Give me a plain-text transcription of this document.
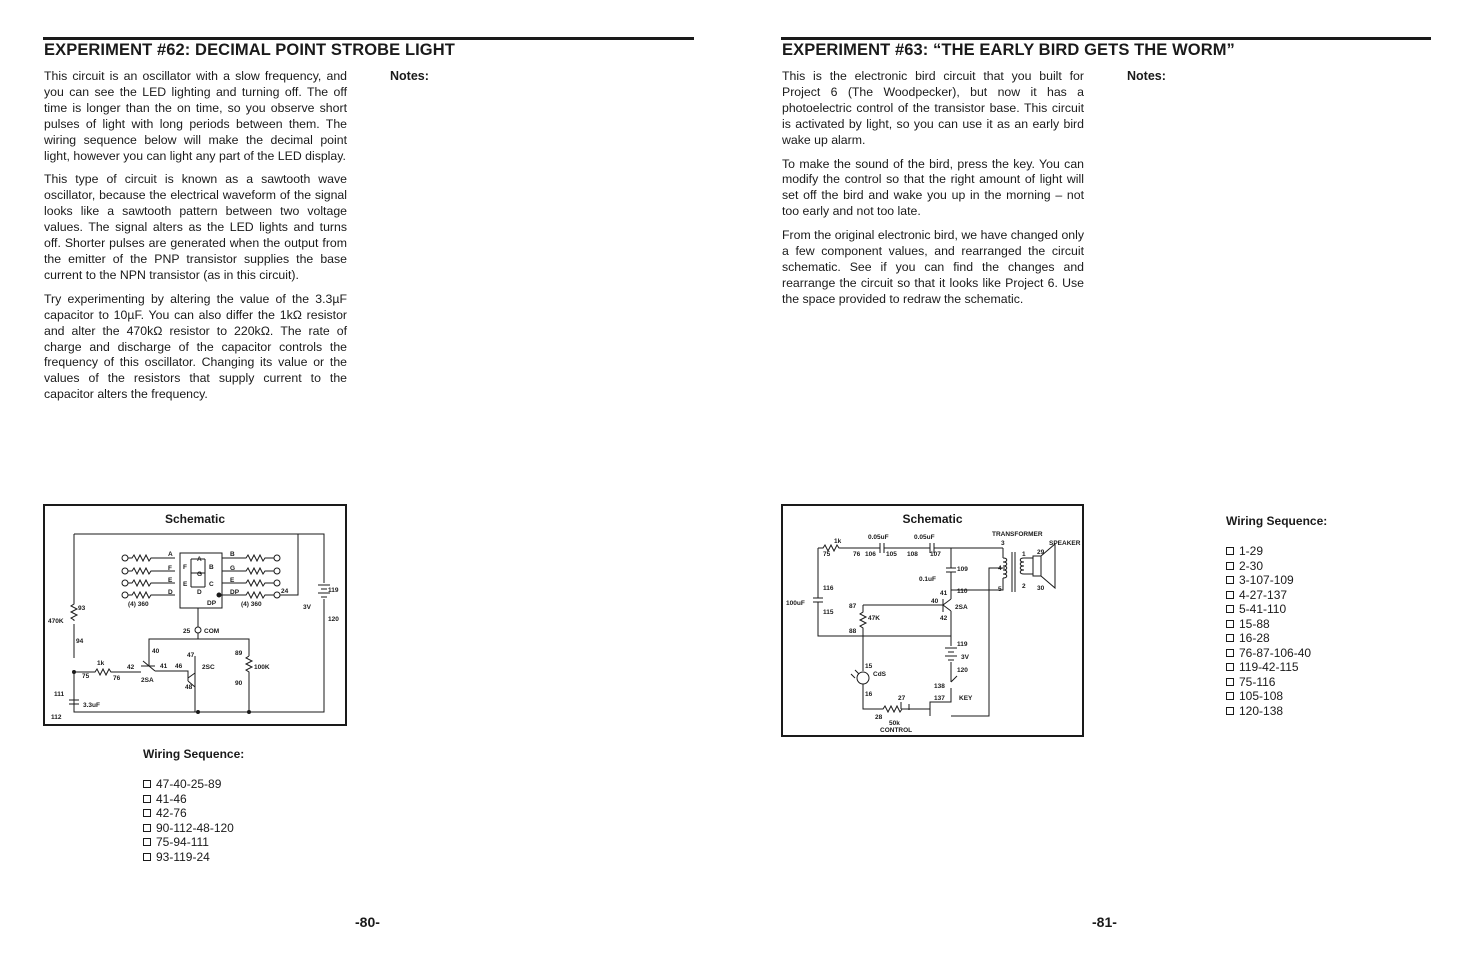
EXPERIMENT #62: DECIMAL POINT STROBE LIGHT

This circuit is an oscillator with a slow frequency, and you can see the LED lighting and turning off. The off time is longer than the on time, so you observe short pulses of light with long periods between them. The wiring sequence below will make the decimal point light, however you can light any part of the LED display.

This type of circuit is known as a sawtooth wave oscillator, because the electrical waveform of the signal looks like a sawtooth pattern between two voltage values. The signal alters as the LED lights and turns off. Shorter pulses are generated when the output from the emitter of the PNP transistor supplies the base current to the NPN transistor (as in this circuit).

Try experimenting by altering the value of the 3.3µF capacitor to 10µF. You can also differ the 1kΩ resistor and alter the 470kΩ resistor to 220kΩ. The rate of charge and discharge of the capacitor controls the frequency of this oscillator. Changing its value or the values of the resistors that supply current to the capacitor alters the frequency.

Notes:
Schematic
A
F
E
D
B
G
E
DP
A
F	B
G
E	C
D
DP
(4) 360	(4) 360
24	119
3V
120
93
470K
94
25 COM
40
47	89
41 46	2SC	100K
42
1k
75	76	2SA
48
90
111
3.3uF
112
Wiring Sequence:
47-40-25-89
41-46
42-76
90-112-48-120
75-94-111
93-119-24
-80-
EXPERIMENT #63: “THE EARLY BIRD GETS THE WORM”

This is the electronic bird circuit that you built for Project 6 (The Woodpecker), but now it has a photoelectric control of the transistor base. This circuit is activated by light, so you can use it as an early bird wake up alarm.

To make the sound of the bird, press the key. You can modify the control so that the right amount of light will set off the bird and wake you up in the morning – not too early and not too late.

From the original electronic bird, we have changed only a few component values, and rearranged the circuit schematic. See if you can find the changes and rearrange the circuit so that it looks like Project 6. Use the space provided to redraw the schematic.

Notes:
Schematic
1k
0.05uF	0.05uF	TRANSFORMER
SPEAKER
75	76 106 105 108 107
3
1 29
109
0.1uF
4
100uF
116
115
110	5	2 30
40
41
2SA
87
47K	42
88
119
3V
120
15
CdS
138
137 KEY
16
27
28
50k
CONTROL
Wiring Sequence:
1-29
2-30
3-107-109
4-27-137
5-41-110
15-88
16-28
76-87-106-40
119-42-115
75-116
105-108
120-138
-81-
